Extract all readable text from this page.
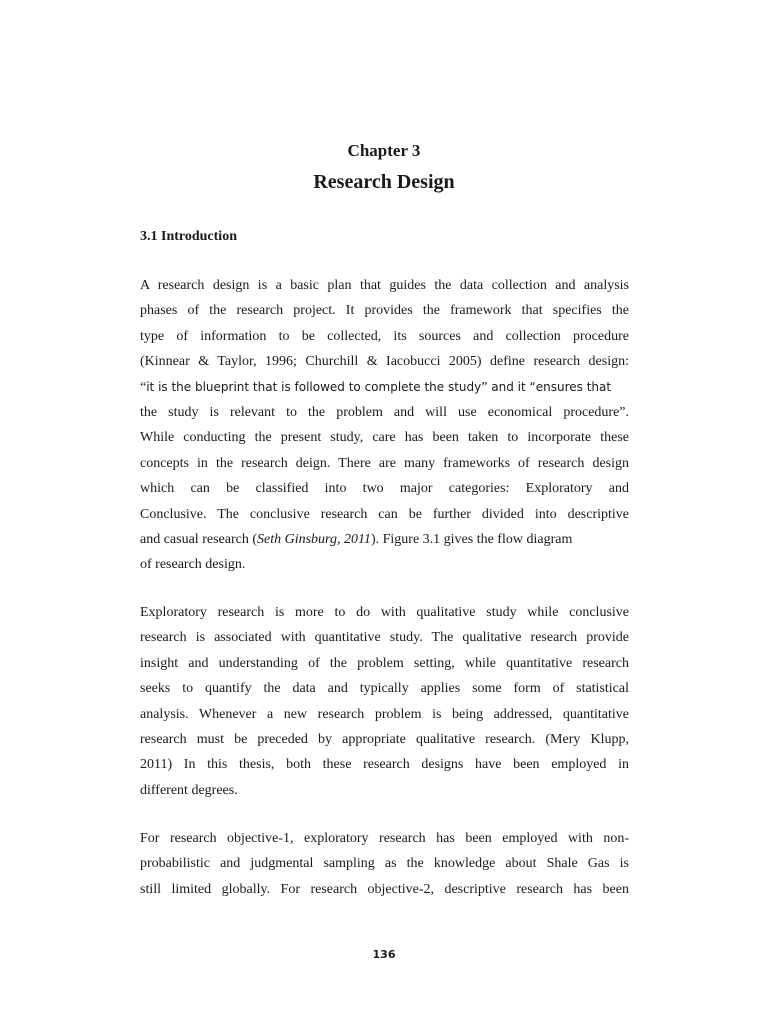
Chapter 3
Research Design
3.1 Introduction
A research design is a basic plan that guides the data collection and analysis
phases of the research project. It provides the framework that specifies the
type of information to be collected, its sources and collection procedure
(Kinnear & Taylor, 1996; Churchill & Iacobucci 2005) define research design:
“it is the blueprint that is followed to complete the study” and it “ensures that
the study is relevant to the problem and will use economical procedure”.
While conducting the present study, care has been taken to incorporate these
concepts in the research deign. There are many frameworks of research design
which can be classified into two major categories: Exploratory and
Conclusive. The conclusive research can be further divided into descriptive
and casual research (Seth Ginsburg, 2011). Figure 3.1 gives the flow diagram
of research design.
Exploratory research is more to do with qualitative study while conclusive
research is associated with quantitative study. The qualitative research provide
insight and understanding of the problem setting, while quantitative research
seeks to quantify the data and typically applies some form of statistical
analysis. Whenever a new research problem is being addressed, quantitative
research must be preceded by appropriate qualitative research. (Mery Klupp,
2011) In this thesis, both these research designs have been employed in
different degrees.
For research objective-1, exploratory research has been employed with non-
probabilistic and judgmental sampling as the knowledge about Shale Gas is
still limited globally. For research objective-2, descriptive research has been
136
